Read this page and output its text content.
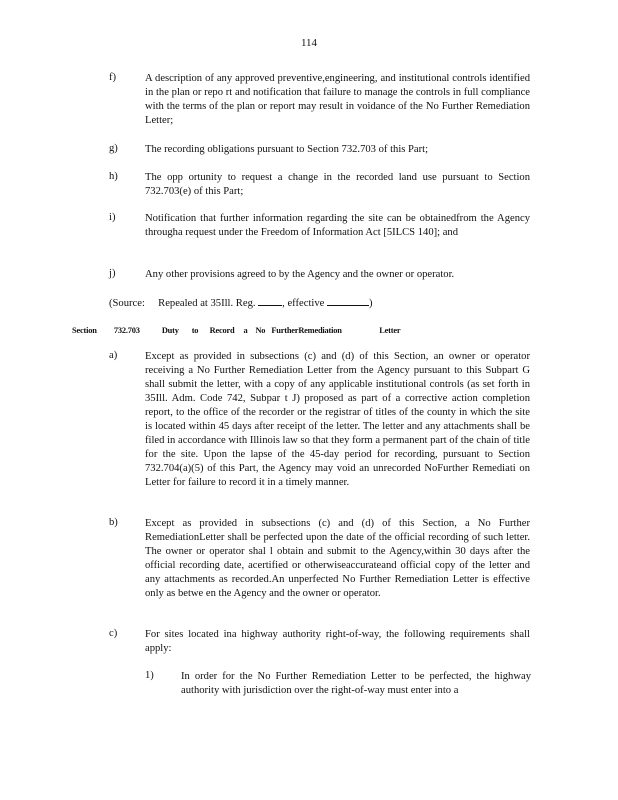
114
f)	A description of any approved preventive,engineering, and institutional controls identified in the plan or repo rt and notification that failure to manage the controls in full compliance with the terms of the plan or report may result in voidance of the No Further Remediation Letter;
g)	The recording obligations pursuant to Section 732.703 of this Part;
h)	The opp ortunity to request a change in the recorded land use pursuant to Section 732.703(e) of this Part;
i)	Notification that further information regarding the site can be obtainedfrom the Agency througha request under the Freedom of Information Act [5ILCS 140]; and
j)	Any other provisions agreed to by the Agency and the owner or operator.
(Source: Repealed at 35Ill. Reg.	, effective	)
Section 732.703	Duty to Record a No FurtherRemediation	Letter
a)	Except as provided in subsections (c) and (d) of this Section, an owner or operator receiving a No Further Remediation Letter from the Agency pursuant to this Subpart G shall submit the letter, with a copy of any applicable institutional controls (as set forth in 35Ill. Adm. Code 742, Subpar t J) proposed as part of a corrective action completion report, to the office of the recorder or the registrar of titles of the county in which the site is located within 45 days after receipt of the letter. The letter and any attachments shall be filed in accordance with Illinois law so that they form a permanent part of the chain of title for the site. Upon the lapse of the 45-day period for recording, pursuant to Section 732.704(a)(5) of this Part, the Agency may void an unrecorded NoFurther Remediati on Letter for failure to record it in a timely manner.
b)	Except as provided in subsections (c) and (d) of this Section, a No Further RemediationLetter shall be perfected upon the date of the official recording of such letter. The owner or operator shal l obtain and submit to the Agency,within 30 days after the official recording date, acertified or otherwiseaccurateand official copy of the letter and any attachments as recorded.An unperfected No Further Remediation Letter is effective only as betwe en the Agency and the owner or operator.
c)	For sites located ina highway authority right-of-way, the following requirements shall apply:
1)	In order for the No Further Remediation Letter to be perfected, the highway authority with jurisdiction over the right-of-way must enter into a
